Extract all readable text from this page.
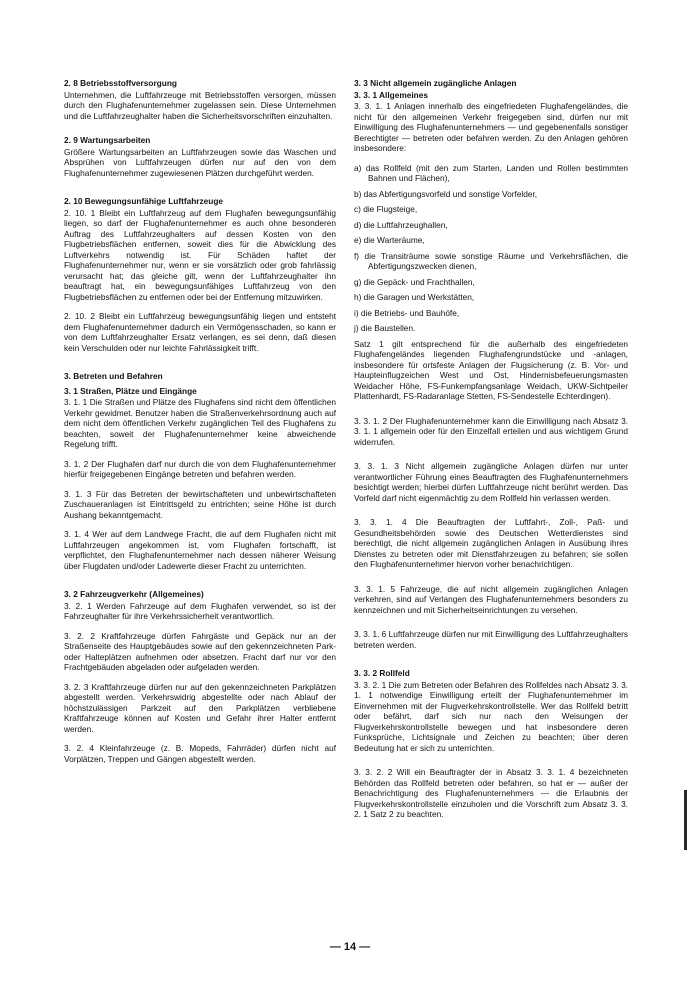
2. 8 Betriebsstoffversorgung

Unternehmen, die Luftfahrzeuge mit Betriebsstoffen versorgen, müssen durch den Flughafenunternehmer zugelassen sein. Diese Unternehmen und die Luftfahrzeughalter haben die Sicherheitsvorschriften einzuhalten.

2. 9 Wartungsarbeiten

Größere Wartungsarbeiten an Luftfahrzeugen sowie das Waschen und Absprühen von Luftfahrzeugen dürfen nur auf den von dem Flughafenunternehmer zugewiesenen Plätzen durchgeführt werden.

2. 10 Bewegungsunfähige Luftfahrzeuge

2. 10. 1 Bleibt ein Luftfahrzeug auf dem Flughafen bewegungsunfähig liegen, so darf der Flughafenunternehmer es auch ohne besonderen Auftrag des Luftfahrzeughalters auf dessen Kosten von den Flugbetriebsflächen entfernen, soweit dies für die Abwicklung des Luftverkehrs notwendig ist. Für Schäden haftet der Flughafenunternehmer nur, wenn er sie vorsätzlich oder grob fahrlässig verursacht hat; das gleiche gilt, wenn der Luftfahrzeughalter ihn beauftragt hat, ein bewegungsunfähiges Luftfahrzeug von den Flugbetriebsflächen zu entfernen oder bei der Entfernung mitzuwirken.

2. 10. 2 Bleibt ein Luftfahrzeug bewegungsunfähig liegen und entsteht dem Flughafenunternehmer dadurch ein Vermögensschaden, so kann er von dem Luftfahrzeughalter Ersatz verlangen, es sei denn, daß diesen kein Verschulden oder nur leichte Fahrlässigkeit trifft.

3. Betreten und Befahren
3. 1 Straßen, Plätze und Eingänge

3. 1. 1 Die Straßen und Plätze des Flughafens sind nicht dem öffentlichen Verkehr gewidmet. Benutzer haben die Straßenverkehrsordnung auch auf dem nicht dem öffentlichen Verkehr zugänglichen Teil des Flughafens zu beachten, soweit der Flughafenunternehmer keine abweichende Regelung trifft.

3. 1. 2 Der Flughafen darf nur durch die von dem Flughafenunternehmer hierfür freigegebenen Eingänge betreten und befahren werden.

3. 1. 3 Für das Betreten der bewirtschafteten und unbewirtschafteten Zuschaueranlagen ist Eintrittsgeld zu entrichten; seine Höhe ist durch Aushang bekanntgemacht.

3. 1. 4 Wer auf dem Landwege Fracht, die auf dem Flughafen nicht mit Luftfahrzeugen angekommen ist, vom Flughafen fortschafft, ist verpflichtet, den Flughafenunternehmer nach dessen näherer Weisung über Flugdaten und/oder Ladewerte dieser Fracht zu unterrichten.

3. 2 Fahrzeugverkehr (Allgemeines)

3. 2. 1 Werden Fahrzeuge auf dem Flughafen verwendet, so ist der Fahrzeughalter für ihre Verkehrssicherheit verantwortlich.

3. 2. 2 Kraftfahrzeuge dürfen Fahrgäste und Gepäck nur an der Straßenseite des Hauptgebäudes sowie auf den gekennzeichneten Park- oder Halteplätzen aufnehmen oder absetzen. Fracht darf nur vor den Frachtgebäuden abgeladen oder aufgeladen werden.

3. 2. 3 Kraftfahrzeuge dürfen nur auf den gekennzeichneten Parkplätzen abgestellt werden. Verkehrswidrig abgestellte oder nach Ablauf der höchstzulässigen Parkzeit auf den Parkplätzen verbliebene Kraftfahrzeuge können auf Kosten und Gefahr ihrer Halter entfernt werden.

3. 2. 4 Kleinfahrzeuge (z. B. Mopeds, Fahrräder) dürfen nicht auf Vorplätzen, Treppen und Gängen abgestellt werden.

3. 3 Nicht allgemein zugängliche Anlagen
3. 3. 1 Allgemeines

3. 3. 1. 1 Anlagen innerhalb des eingefriedeten Flughafengeländes, die nicht für den allgemeinen Verkehr freigegeben sind, dürfen nur mit Einwilligung des Flughafenunternehmers — und gegebenenfalls sonstiger Berechtigter — betreten oder befahren werden. Zu den Anlagen gehören insbesondere:

a) das Rollfeld (mit den zum Starten, Landen und Rollen bestimmten Bahnen und Flächen),

b) das Abfertigungsvorfeld und sonstige Vorfelder,

c) die Flugsteige,

d) die Luftfahrzeughallen,

e) die Warteräume,

f) die Transiträume sowie sonstige Räume und Verkehrsflächen, die Abfertigungszwecken dienen,

g) die Gepäck- und Frachthallen,

h) die Garagen und Werkstätten,

i) die Betriebs- und Bauhöfe,

j) die Baustellen.

Satz 1 gilt entsprechend für die außerhalb des eingefriedeten Flughafengeländes liegenden Flughafengrundstücke und -anlagen, insbesondere für ortsfeste Anlagen der Flugsicherung (z. B. Vor- und Haupteinflugzeichen West und Ost, Hindernisbefeuerungsmasten Weidacher Höhe, FS-Funkempfangsanlage Weidach, UKW-Sichtpeiler Plattenhardt, FS-Radaranlage Stetten, FS-Sendestelle Echterdingen).

3. 3. 1. 2 Der Flughafenunternehmer kann die Einwilligung nach Absatz 3. 3. 1. 1 allgemein oder für den Einzelfall erteilen und aus wichtigem Grund widerrufen.

3. 3. 1. 3 Nicht allgemein zugängliche Anlagen dürfen nur unter verantwortlicher Führung eines Beauftragten des Flughafenunternehmers besichtigt werden; hierbei dürfen Luftfahrzeuge nicht berührt werden. Das Vorfeld darf nicht eigenmächtig zu dem Rollfeld hin verlassen werden.

3. 3. 1. 4 Die Beauftragten der Luftfahrt-, Zoll-, Paß- und Gesundheitsbehörden sowie des Deutschen Wetterdienstes sind berechtigt, die nicht allgemein zugänglichen Anlagen in Ausübung ihres Dienstes zu betreten oder mit Dienstfahrzeugen zu befahren; sie sollen den Flughafenunternehmer hiervon vorher benachrichtigen.

3. 3. 1. 5 Fahrzeuge, die auf nicht allgemein zugänglichen Anlagen verkehren, sind auf Verlangen des Flughafenunternehmers besonders zu kennzeichnen und mit Sicherheitseinrichtungen zu versehen.

3. 3. 1. 6 Luftfahrzeuge dürfen nur mit Einwilligung des Luftfahrzeughalters betreten werden.

3. 3. 2 Rollfeld

3. 3. 2. 1 Die zum Betreten oder Befahren des Rollfeldes nach Absatz 3. 3. 1. 1 notwendige Einwilligung erteilt der Flughafenunternehmer im Einvernehmen mit der Flugverkehrskontrollstelle. Wer das Rollfeld betritt oder befährt, darf sich nur nach den Weisungen der Flugverkehrskontrollstelle bewegen und hat insbesondere deren Funksprüche, Lichtsignale und Zeichen zu beachten; über deren Bedeutung hat er sich zu unterrichten.

3. 3. 2. 2 Will ein Beauftragter der in Absatz 3. 3. 1. 4 bezeichneten Behörden das Rollfeld betreten oder befahren, so hat er — außer der Benachrichtigung des Flughafenunternehmers — die Erlaubnis der Flugverkehrskontrollstelle einzuholen und die Vorschrift zum Absatz 3. 3. 2. 1 Satz 2 zu beachten.

— 14 —
